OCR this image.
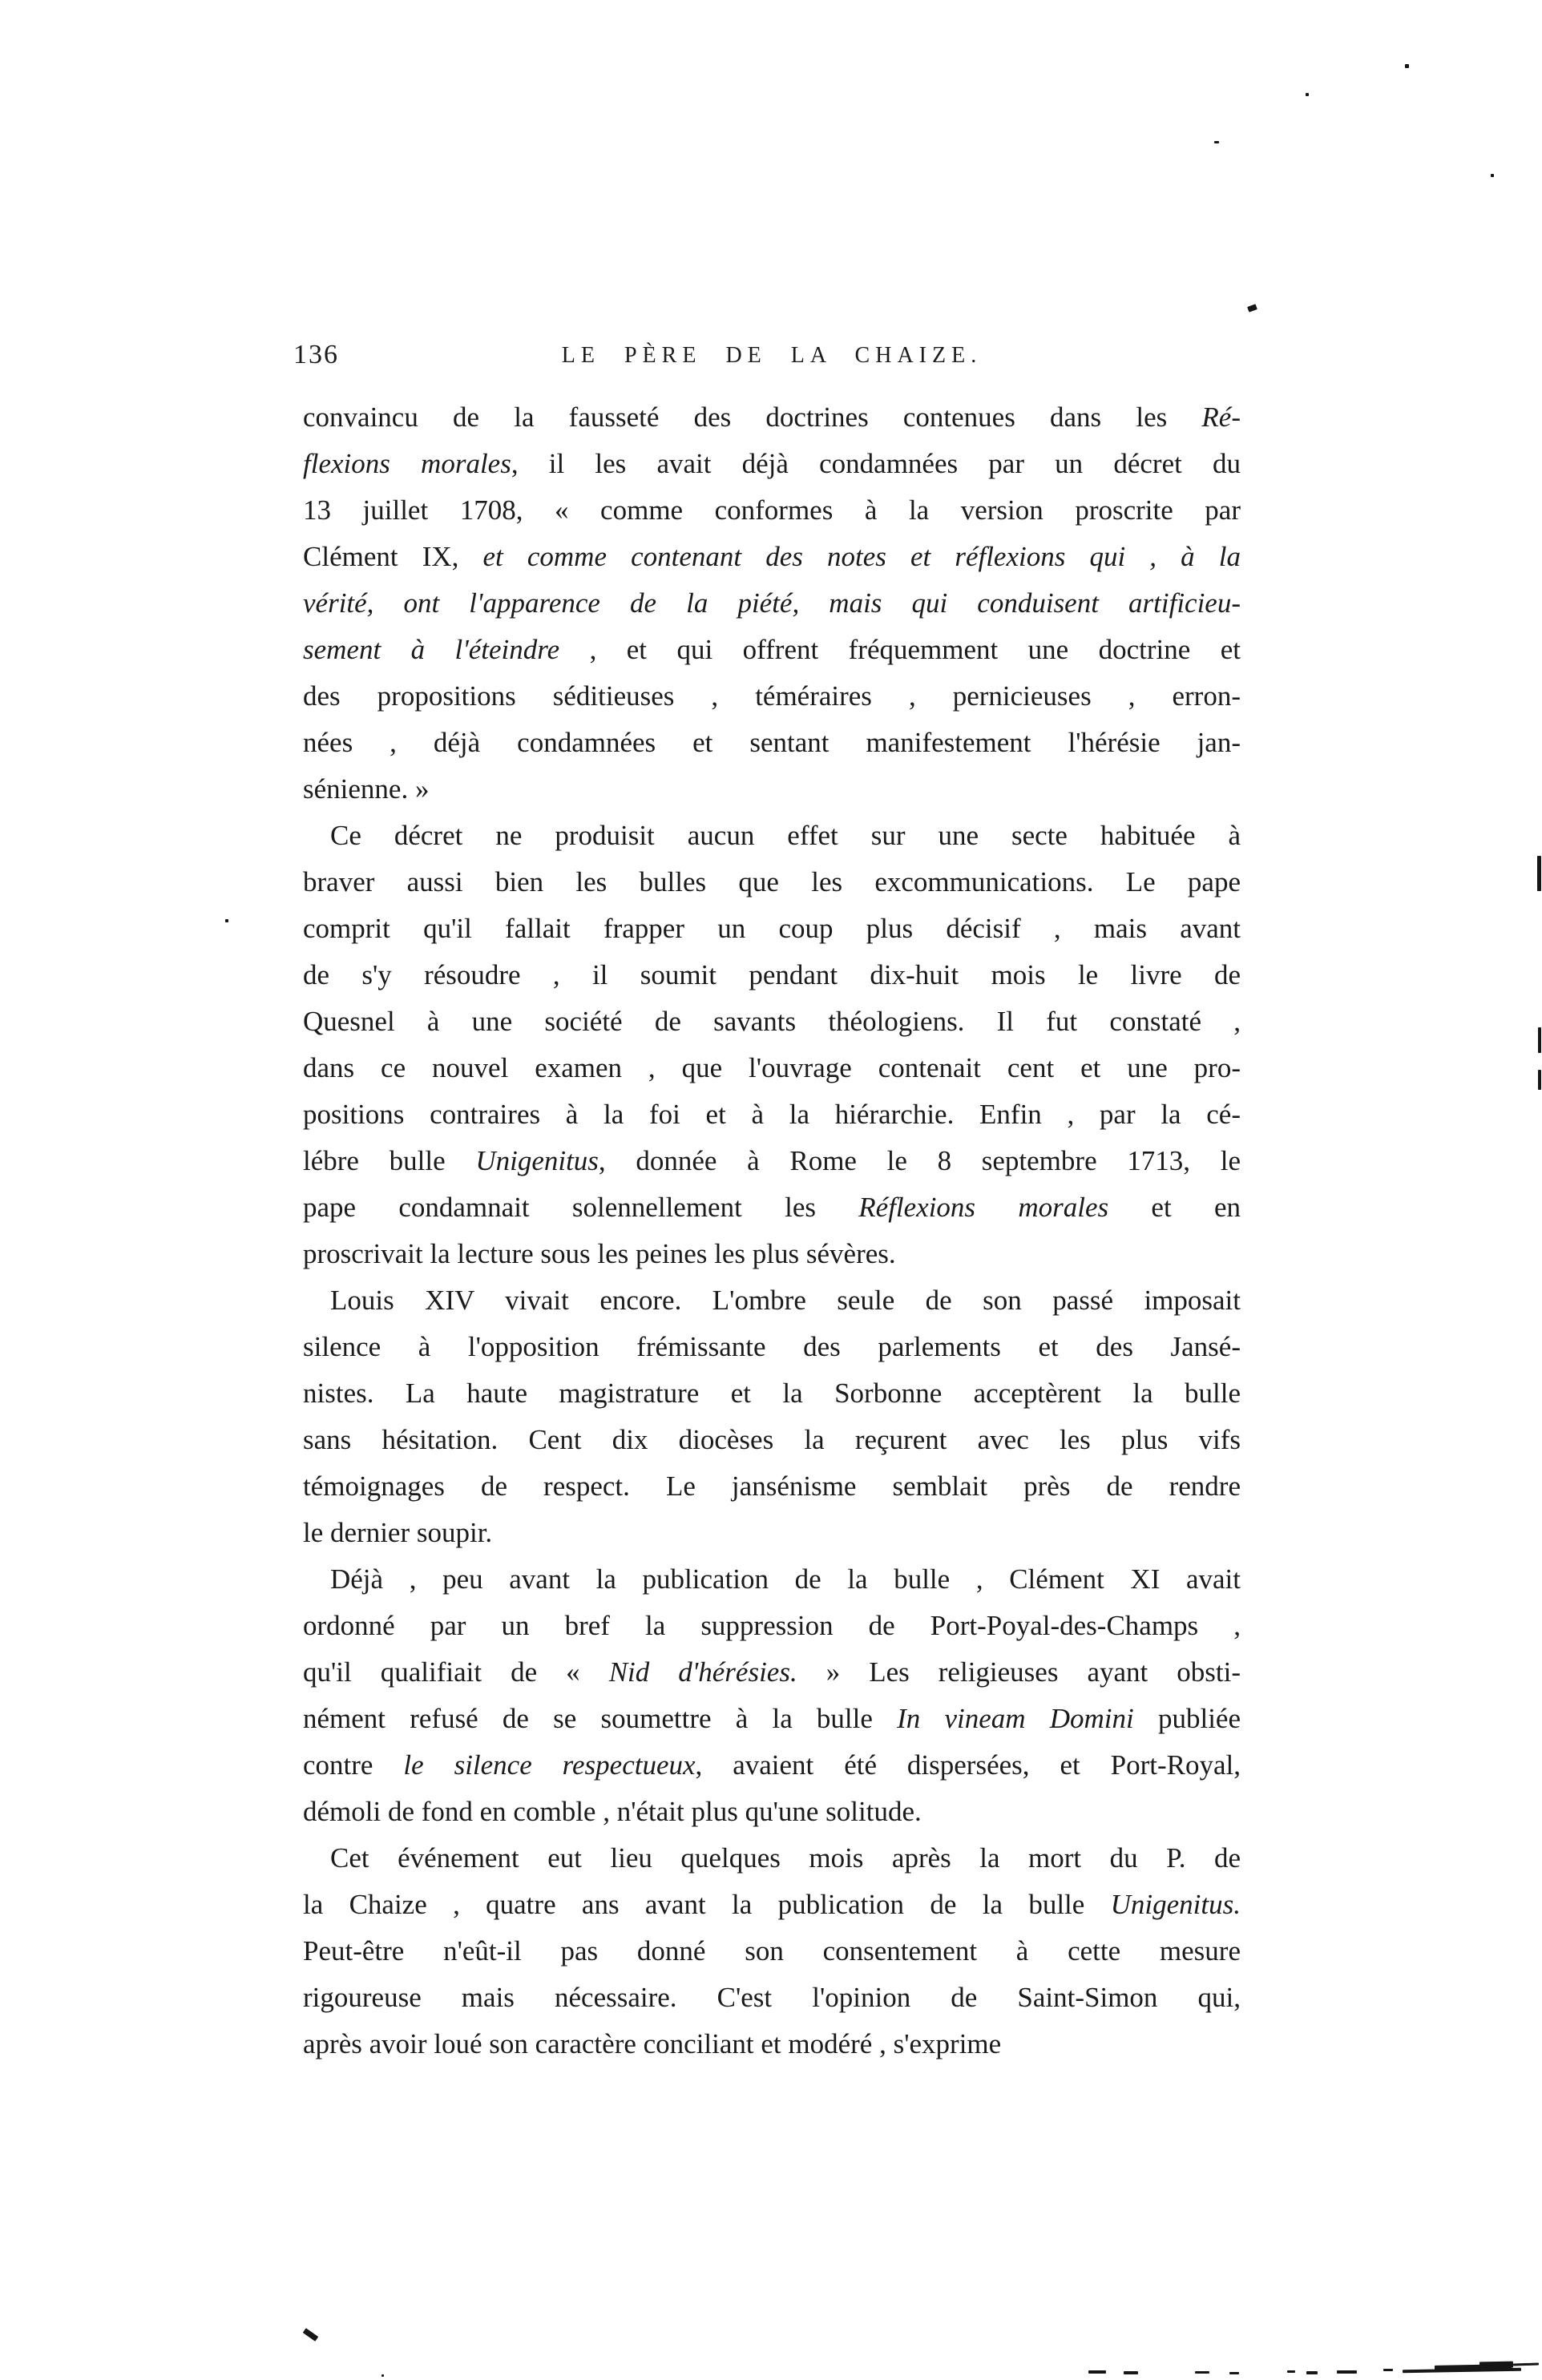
136	LE PÈRE DE LA CHAIZE.
convaincu de la fausseté des doctrines contenues dans les Ré-
flexions morales, il les avait déjà condamnées par un décret du
13 juillet 1708, « comme conformes à la version proscrite par
Clément IX, et comme contenant des notes et réflexions qui , à la
vérité, ont l'apparence de la piété, mais qui conduisent artificieu-
sement à l'éteindre , et qui offrent fréquemment une doctrine et
des propositions séditieuses , téméraires , pernicieuses , erron-
nées , déjà condamnées et sentant manifestement l'hérésie jan-
sénienne. »
Ce décret ne produisit aucun effet sur une secte habituée à
braver aussi bien les bulles que les excommunications. Le pape
comprit qu'il fallait frapper un coup plus décisif , mais avant
de s'y résoudre , il soumit pendant dix-huit mois le livre de
Quesnel à une société de savants théologiens. Il fut constaté ,
dans ce nouvel examen , que l'ouvrage contenait cent et une pro-
positions contraires à la foi et à la hiérarchie. Enfin , par la cé-
lébre bulle Unigenitus, donnée à Rome le 8 septembre 1713, le
pape condamnait solennellement les Réflexions morales et en
proscrivait la lecture sous les peines les plus sévères.
Louis XIV vivait encore. L'ombre seule de son passé imposait
silence à l'opposition frémissante des parlements et des Jansé-
nistes. La haute magistrature et la Sorbonne acceptèrent la bulle
sans hésitation. Cent dix diocèses la reçurent avec les plus vifs
témoignages de respect. Le jansénisme semblait près de rendre
le dernier soupir.
Déjà , peu avant la publication de la bulle , Clément XI avait
ordonné par un bref la suppression de Port-Poyal-des-Champs ,
qu'il qualifiait de « Nid d'hérésies. » Les religieuses ayant obsti-
nément refusé de se soumettre à la bulle In vineam Domini publiée
contre le silence respectueux, avaient été dispersées, et Port-Royal,
démoli de fond en comble , n'était plus qu'une solitude.
Cet événement eut lieu quelques mois après la mort du P. de
la Chaize , quatre ans avant la publication de la bulle Unigenitus.
Peut-être n'eût-il pas donné son consentement à cette mesure
rigoureuse mais nécessaire. C'est l'opinion de Saint-Simon qui,
après avoir loué son caractère conciliant et modéré , s'exprime
